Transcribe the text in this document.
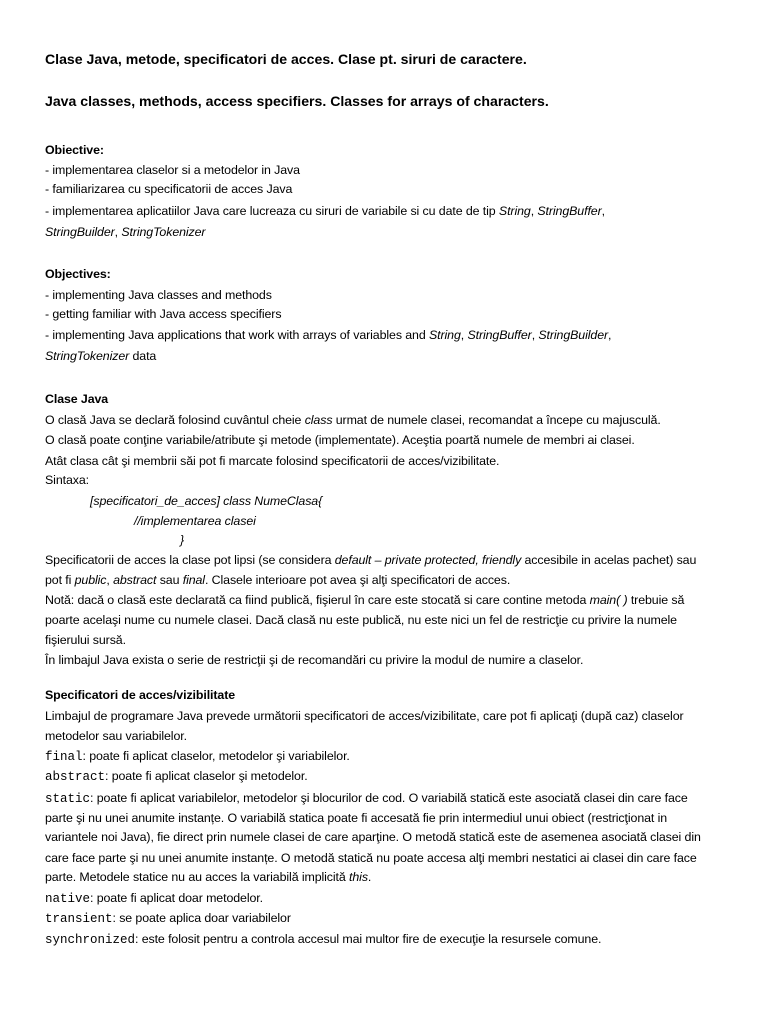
Clase Java, metode, specificatori de acces. Clase pt. siruri de caractere.
Java classes, methods, access specifiers. Classes for arrays of characters.
Obiective:
- implementarea claselor si a metodelor in Java
- familiarizarea cu specificatorii de acces Java
- implementarea aplicatiilor Java care lucreaza cu siruri de variabile si cu date de tip String, StringBuffer,
StringBuilder, StringTokenizer
Objectives:
- implementing Java classes and methods
- getting familiar with Java access specifiers
- implementing Java applications that work with arrays of variables and String, StringBuffer, StringBuilder,
StringTokenizer data
Clase Java
O clasă Java se declară folosind cuvântul cheie class urmat de numele clasei, recomandat a începe cu majusculă.
O clasă poate conţine variabile/atribute şi metode (implementate). Aceştia poartă numele de membri ai clasei.
Atât clasa cât şi membrii săi pot fi marcate folosind specificatorii de acces/vizibilitate.
Sintaxa:
[specificatori_de_acces] class NumeClasa{
//implementarea clasei
}
Specificatorii de acces la clase pot lipsi (se considera default – private protected, friendly accesibile in acelas pachet) sau
pot fi public, abstract sau final. Clasele interioare pot avea şi alţi specificatori de acces.
Notă: dacă o clasă este declarată ca fiind publică, fişierul în care este stocată si care contine metoda main( ) trebuie să
poarte acelaşi nume cu numele clasei. Dacă clasă nu este publică, nu este nici un fel de restricţie cu privire la numele
fişierului sursă.
În limbajul Java exista o serie de restricţii şi de recomandări cu privire la modul de numire a claselor.
Specificatori de acces/vizibilitate
Limbajul de programare Java prevede următorii specificatori de acces/vizibilitate, care pot fi aplicaţi (după caz) claselor
metodelor sau variabilelor.
final: poate fi aplicat claselor, metodelor şi variabilelor.
abstract: poate fi aplicat claselor şi metodelor.
static: poate fi aplicat variabilelor, metodelor şi blocurilor de cod. O variabilă statică este asociată clasei din care face
parte şi nu unei anumite instanțe. O variabilă statica poate fi accesată fie prin intermediul unui obiect (restricţionat in
variantele noi Java), fie direct prin numele clasei de care aparţine. O metodă statică este de asemenea asociată clasei din
care face parte şi nu unei anumite instanțe. O metodă statică nu poate accesa alţi membri nestatici ai clasei din care face
parte. Metodele statice nu au acces la variabilă implicită this.
native: poate fi aplicat doar metodelor.
transient: se poate aplica doar variabilelor
synchronized: este folosit pentru a controla accesul mai multor fire de execuţie la resursele comune.
